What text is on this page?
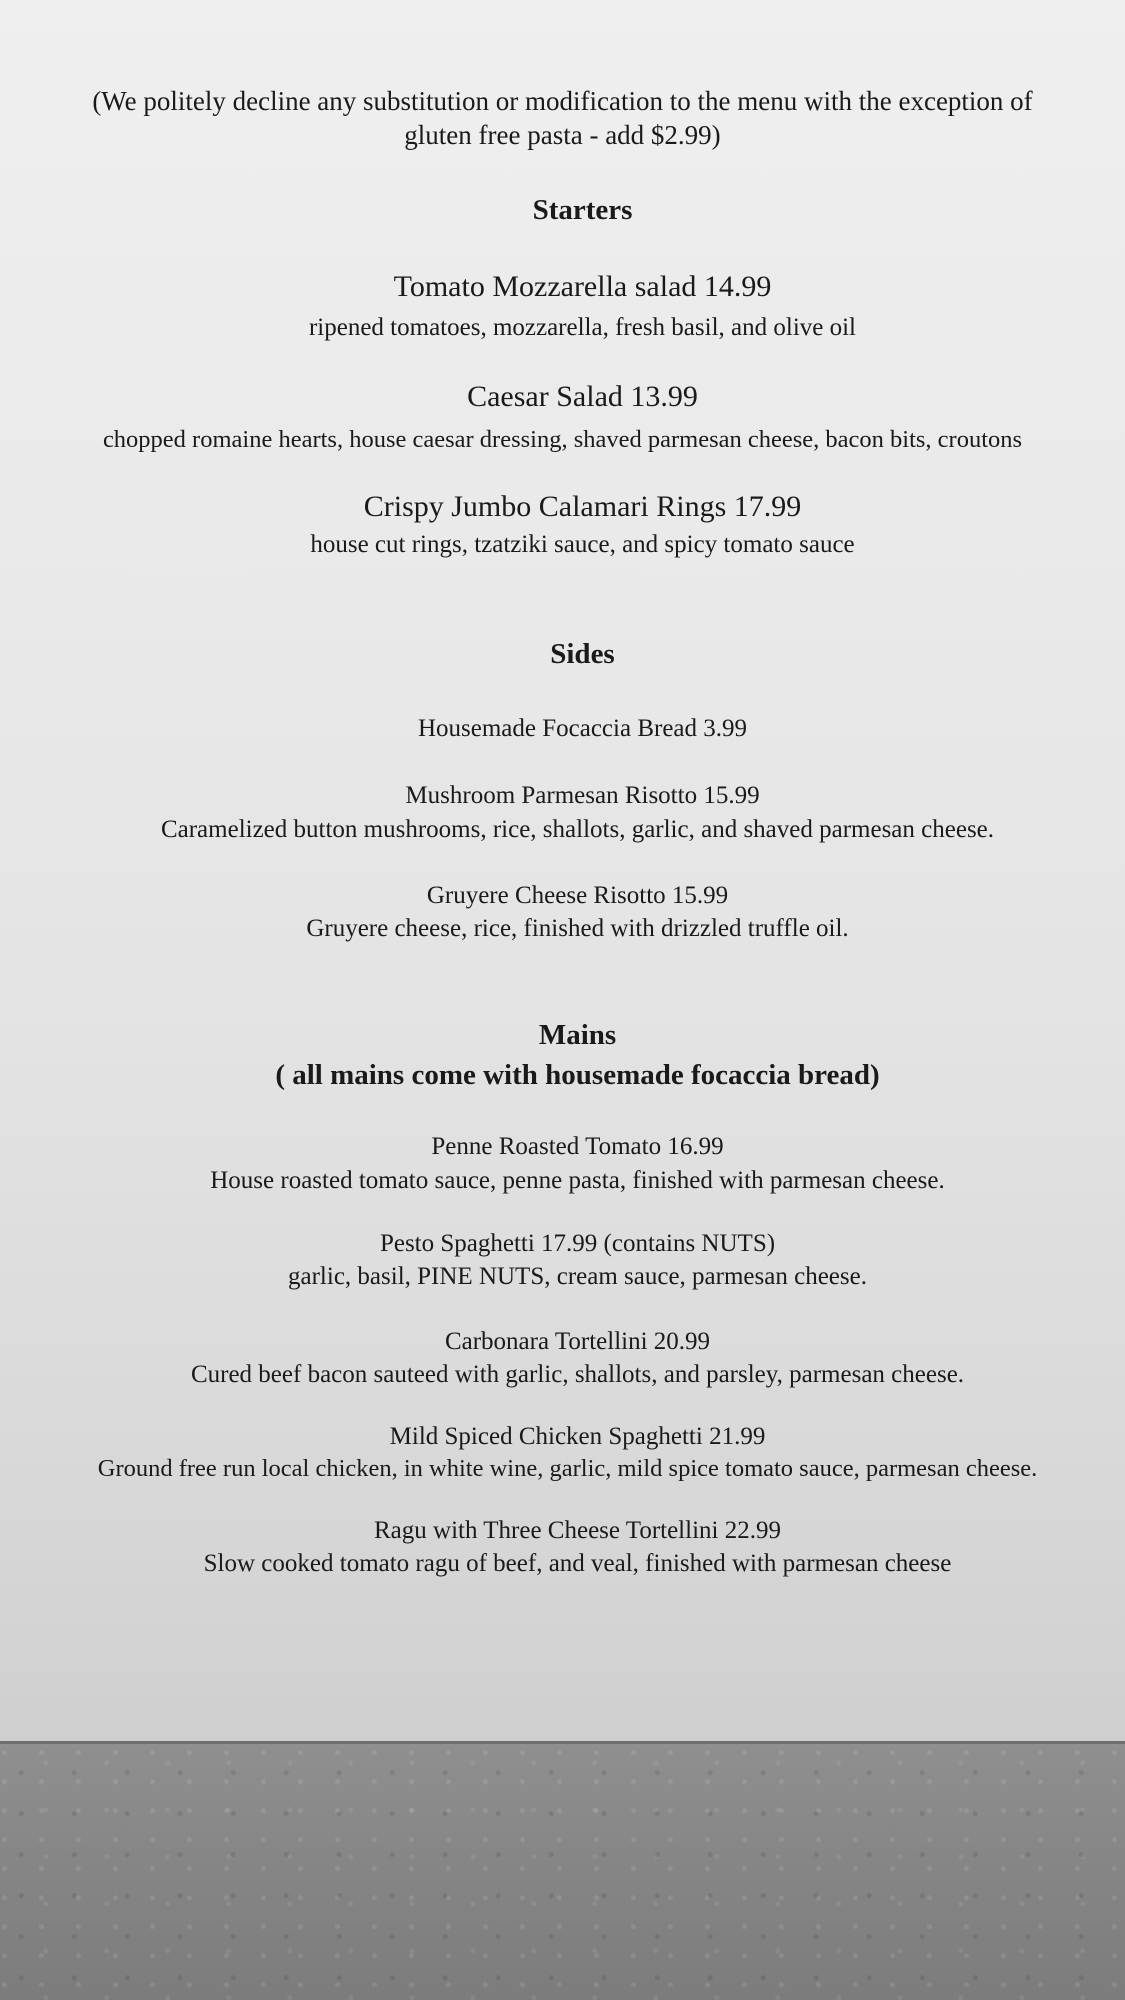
(We politely decline any substitution or modification to the menu with the exception of
gluten free pasta - add $2.99)
Starters
Tomato Mozzarella salad 14.99
ripened tomatoes, mozzarella, fresh basil, and olive oil
Caesar Salad 13.99
chopped romaine hearts, house caesar dressing, shaved parmesan cheese, bacon bits, croutons
Crispy Jumbo Calamari Rings 17.99
house cut rings, tzatziki sauce, and spicy tomato sauce
Sides
Housemade Focaccia Bread 3.99
Mushroom Parmesan Risotto 15.99
Caramelized button mushrooms, rice, shallots, garlic, and shaved parmesan cheese.
Gruyere Cheese Risotto 15.99
Gruyere cheese, rice, finished with drizzled truffle oil.
Mains
( all mains come with housemade focaccia bread)
Penne Roasted Tomato 16.99
House roasted tomato sauce, penne pasta, finished with parmesan cheese.
Pesto Spaghetti 17.99 (contains NUTS)
garlic, basil, PINE NUTS, cream sauce, parmesan cheese.
Carbonara Tortellini 20.99
Cured beef bacon sauteed with garlic, shallots, and parsley, parmesan cheese.
Mild Spiced Chicken Spaghetti 21.99
Ground free run local chicken, in white wine, garlic, mild spice tomato sauce, parmesan cheese.
Ragu with Three Cheese Tortellini 22.99
Slow cooked tomato ragu of beef, and veal, finished with parmesan cheese
